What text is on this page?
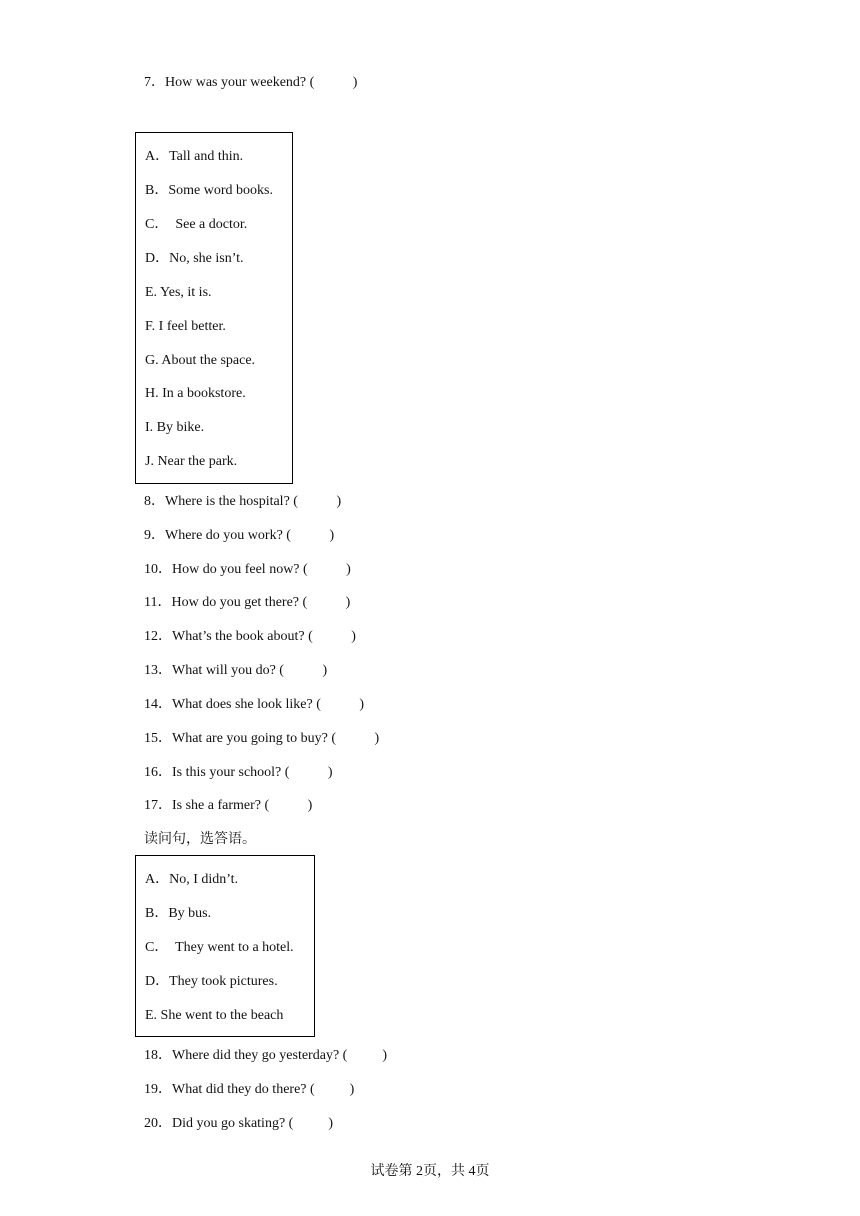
7．How was your weekend? (           )
A．Tall and thin.
B．Some word books.
C．  See a doctor.
D．No, she isn’t.
E. Yes, it is.
F. I feel better.
G. About the space.
H. In a bookstore.
I. By bike.
J. Near the park.
8．Where is the hospital? (           )
9．Where do you work? (           )
10．How do you feel now? (           )
11．How do you get there? (           )
12．What’s the book about? (           )
13．What will you do? (           )
14．What does she look like? (           )
15．What are you going to buy? (           )
16．Is this your school? (           )
17．Is she a farmer? (           )
读问句，选答语。
A．No, I didn’t.
B．By bus.
C．  They went to a hotel.
D．They took pictures.
E. She went to the beach
18．Where did they go yesterday? (          )
19．What did they do there? (          )
20．Did you go skating? (          )
试卷第 2页，共 4页
